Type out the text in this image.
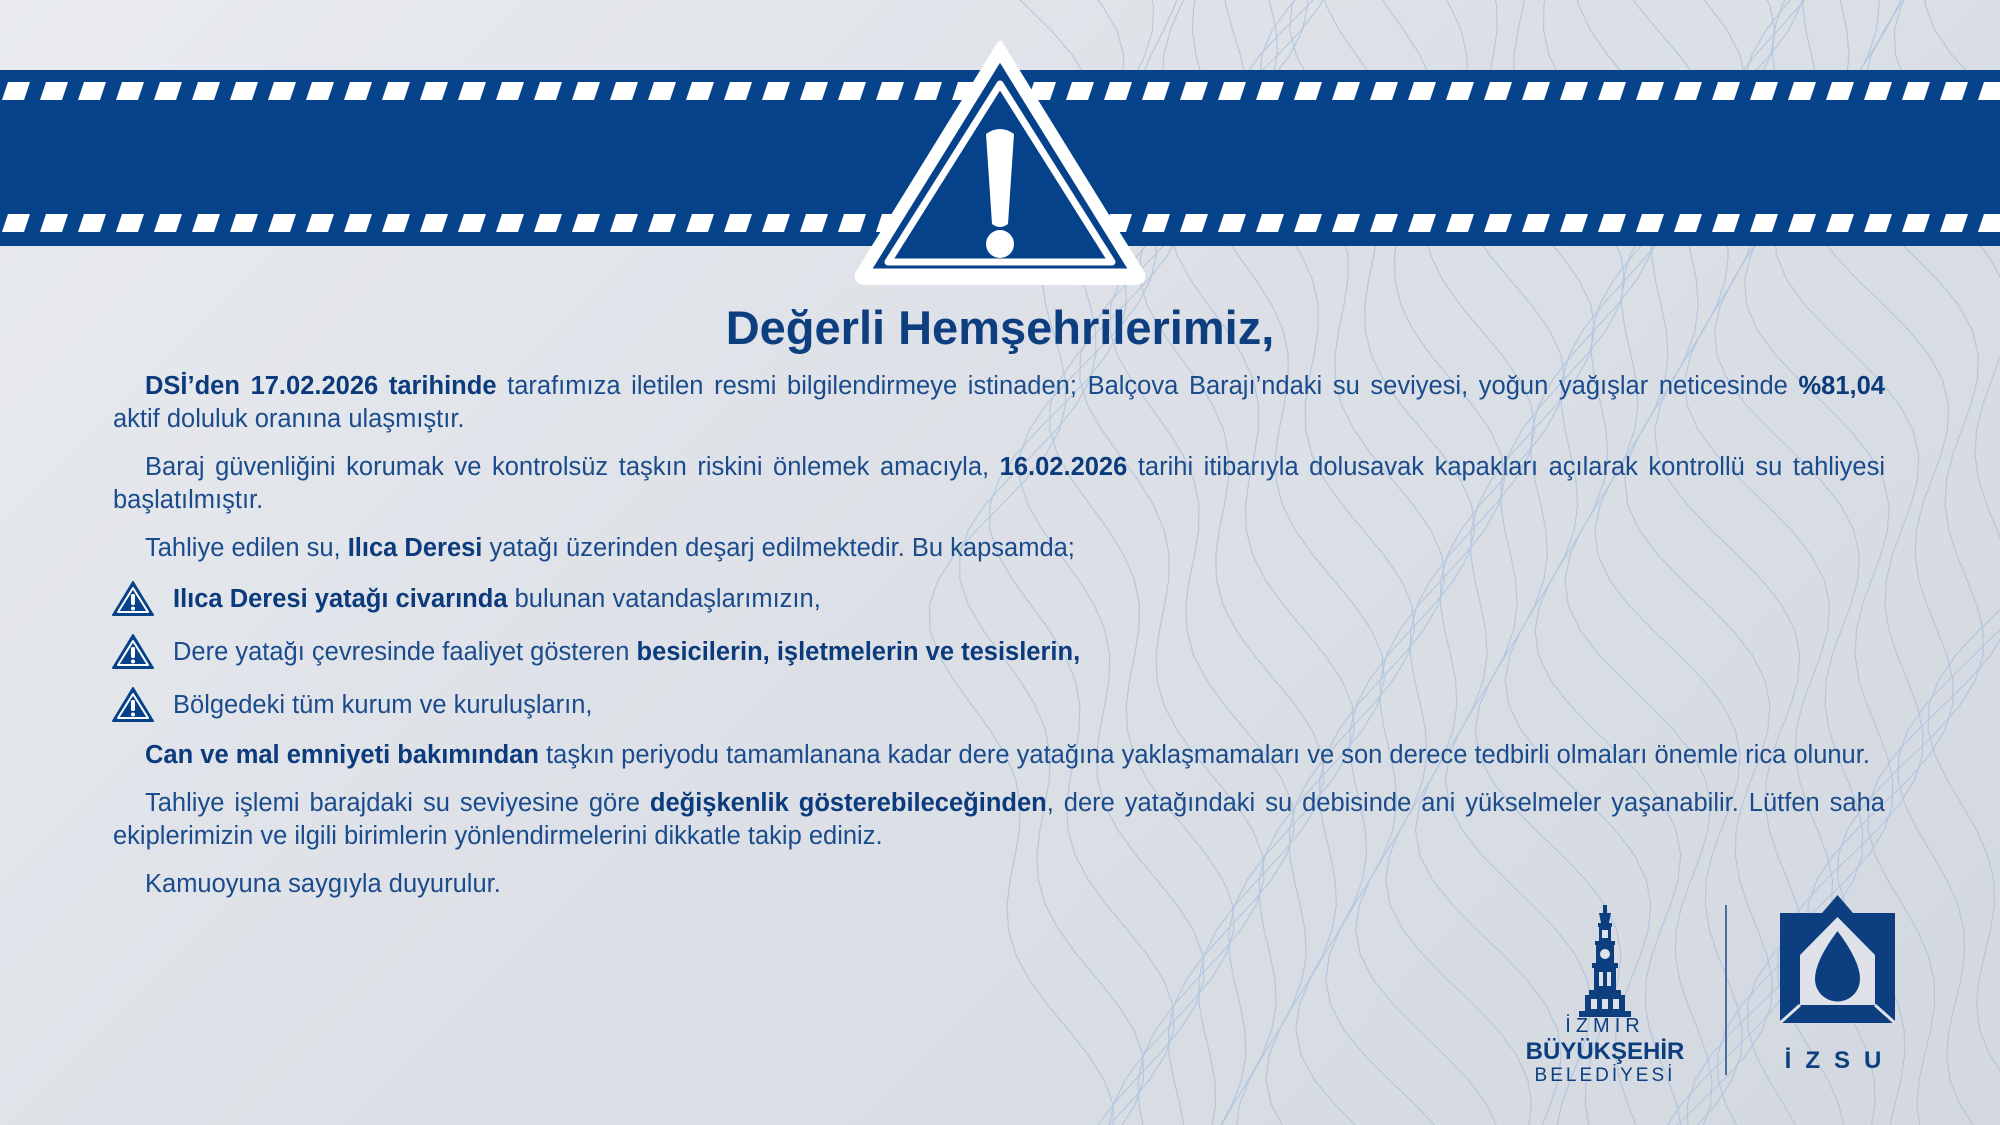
Değerli Hemşehrilerimiz,

DSİ’den 17.02.2026 tarihinde tarafımıza iletilen resmi bilgilendirmeye istinaden; Balçova Barajı’ndaki su seviyesi, yoğun yağışlar neticesinde %81,04 aktif doluluk oranına ulaşmıştır.

Baraj güvenliğini korumak ve kontrolsüz taşkın riskini önlemek amacıyla, 16.02.2026 tarihi itibarıyla dolusavak kapakları açılarak kontrollü su tahliyesi başlatılmıştır.

Tahliye edilen su, Ilıca Deresi yatağı üzerinden deşarj edilmektedir. Bu kapsamda;

Ilıca Deresi yatağı civarında bulunan vatandaşlarımızın,
Dere yatağı çevresinde faaliyet gösteren besicilerin, işletmelerin ve tesislerin,
Bölgedeki tüm kurum ve kuruluşların,

Can ve mal emniyeti bakımından taşkın periyodu tamamlanana kadar dere yatağına yaklaşmamaları ve son derece tedbirli olmaları önemle rica olunur.

Tahliye işlemi barajdaki su seviyesine göre değişkenlik gösterebileceğinden, dere yatağındaki su debisinde ani yükselmeler yaşanabilir. Lütfen saha ekiplerimizin ve ilgili birimlerin yönlendirmelerini dikkatle takip ediniz.

Kamuoyuna saygıyla duyurulur.

İZMİR

BÜYÜKŞEHİR

BELEDİYESİ

İZSU
